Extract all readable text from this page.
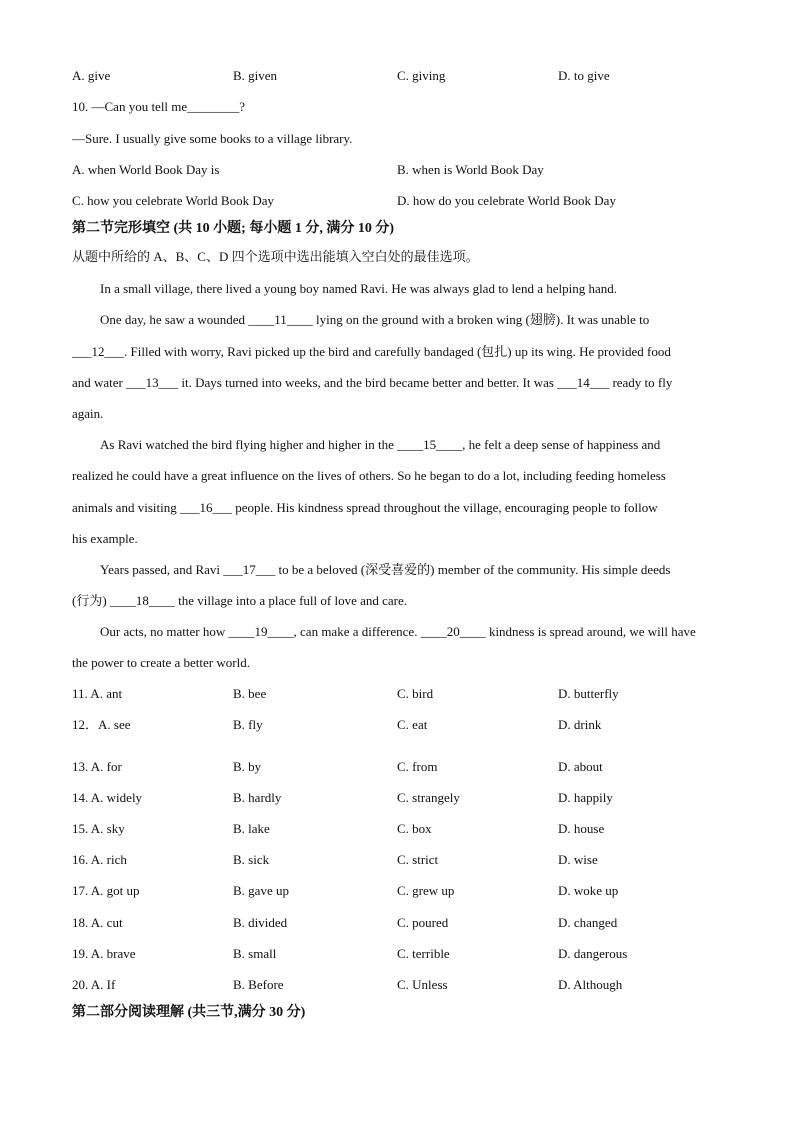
A. give	B. given	C. giving	D. to give
10. —Can you tell me________?
—Sure. I usually give some books to a village library.
A. when World Book Day is	B. when is World Book Day
C. how you celebrate World Book Day	D. how do you celebrate World Book Day
第二节完形填空 (共 10 小题; 每小题 1 分, 满分 10 分)
从题中所给的 A、B、C、D 四个选项中选出能填入空白处的最佳选项。
In a small village, there lived a young boy named Ravi. He was always glad to lend a helping hand.
One day, he saw a wounded ____11____ lying on the ground with a broken wing (翅膀). It was unable to
___12___. Filled with worry, Ravi picked up the bird and carefully bandaged (包扎) up its wing. He provided food
and water ___13___ it. Days turned into weeks, and the bird became better and better. It was ___14___ ready to fly
again.
As Ravi watched the bird flying higher and higher in the ____15____, he felt a deep sense of happiness and
realized he could have a great influence on the lives of others. So he began to do a lot, including feeding homeless
animals and visiting ___16___ people. His kindness spread throughout the village, encouraging people to follow
his example.
Years passed, and Ravi ___17___ to be a beloved (深受喜爱的) member of the community. His simple deeds
(行为) ____18____ the village into a place full of love and care.
Our acts, no matter how ____19____, can make a difference. ____20____ kindness is spread around, we will have
the power to create a better world.
11. A. ant	B. bee	C. bird	D. butterfly
12．A. see	B. fly	C. eat	D. drink
13. A. for	B. by	C. from	D. about
14. A. widely	B. hardly	C. strangely	D. happily
15. A. sky	B. lake	C. box	D. house
16. A. rich	B. sick	C. strict	D. wise
17. A. got up	B. gave up	C. grew up	D. woke up
18. A. cut	B. divided	C. poured	D. changed
19. A. brave	B. small	C. terrible	D. dangerous
20. A. If	B. Before	C. Unless	D. Although
第二部分阅读理解 (共三节,满分 30 分)
